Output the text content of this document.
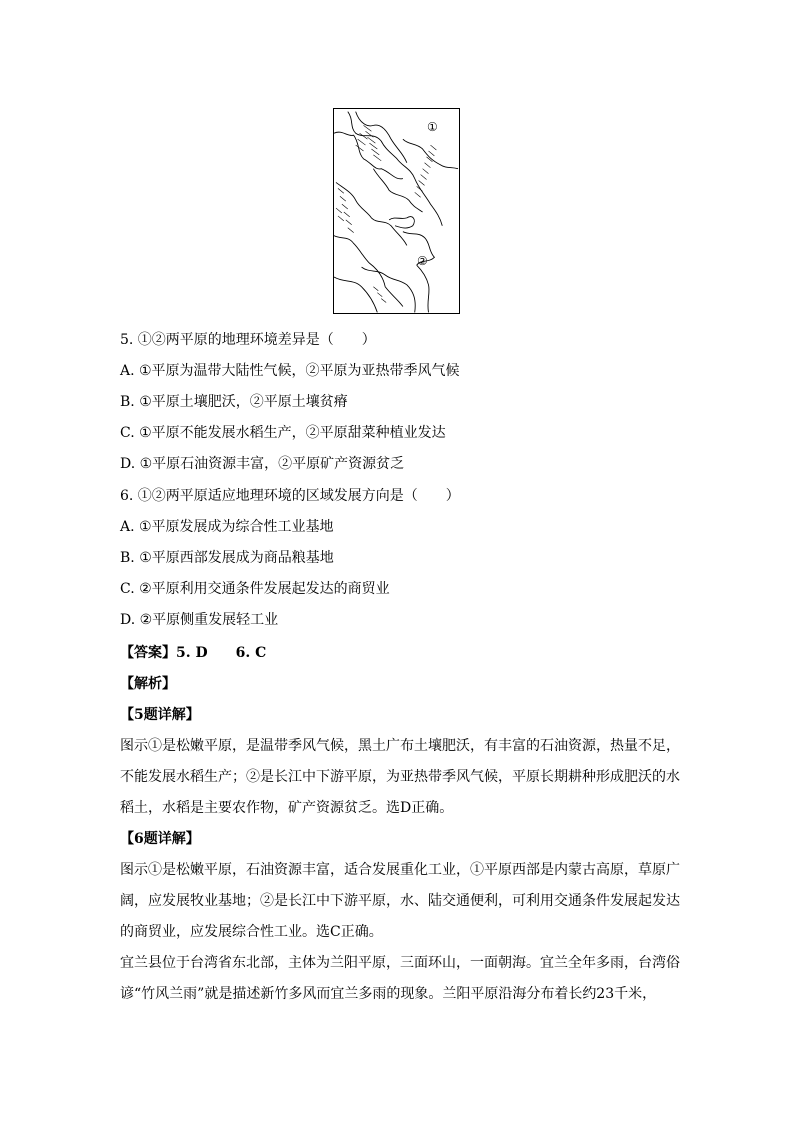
①
②
5. ①②两平原的地理环境差异是（　　）
A. ①平原为温带大陆性气候，②平原为亚热带季风气候
B. ①平原土壤肥沃，②平原土壤贫瘠
C. ①平原不能发展水稻生产，②平原甜菜种植业发达
D. ①平原石油资源丰富，②平原矿产资源贫乏
6. ①②两平原适应地理环境的区域发展方向是（　　）
A. ①平原发展成为综合性工业基地
B. ①平原西部发展成为商品粮基地
C. ②平原利用交通条件发展起发达的商贸业
D. ②平原侧重发展轻工业
【答案】5. D　　6. C
【解析】
【5题详解】
图示①是松嫩平原，是温带季风气候，黑土广布土壤肥沃，有丰富的石油资源，热量不足，不能发展水稻生产；②是长江中下游平原，为亚热带季风气候，平原长期耕种形成肥沃的水稻土，水稻是主要农作物，矿产资源贫乏。选D正确。
【6题详解】
图示①是松嫩平原，石油资源丰富，适合发展重化工业，①平原西部是内蒙古高原，草原广阔，应发展牧业基地；②是长江中下游平原，水、陆交通便利，可利用交通条件发展起发达的商贸业，应发展综合性工业。选C正确。
宜兰县位于台湾省东北部，主体为兰阳平原，三面环山，一面朝海。宜兰全年多雨，台湾俗谚“竹风兰雨”就是描述新竹多风而宜兰多雨的现象。兰阳平原沿海分布着长约23千米，
